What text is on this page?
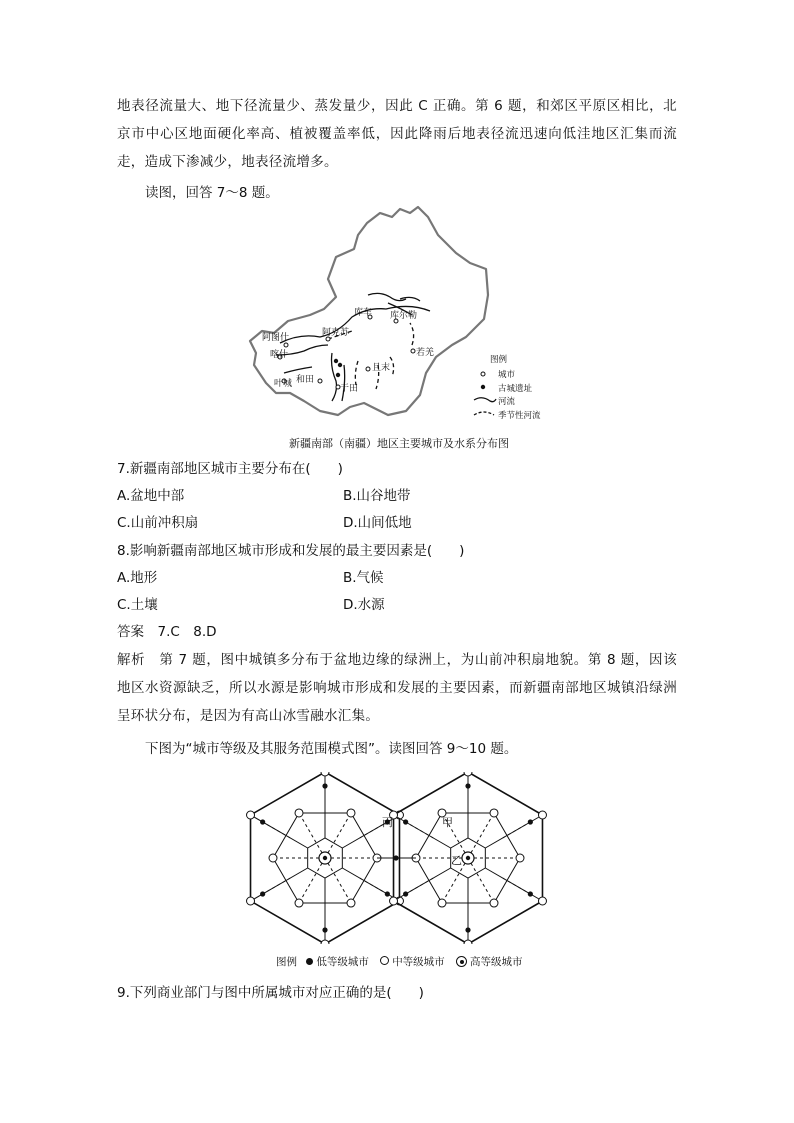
地表径流量大、地下径流量少、蒸发量少，因此 C 正确。第 6 题，和郊区平原区相比，北京市中心区地面硬化率高、植被覆盖率低，因此降雨后地表径流迅速向低洼地区汇集而流走，造成下渗减少，地表径流增多。
读图，回答 7～8 题。
库车 库尔勒
阿图什	阿克苏
喀什	若羌
和田
且末
叶城	于田
图例
城市
古城遗址
河流
季节性河流
新疆南部（南疆）地区主要城市及水系分布图
7.新疆南部地区城市主要分布在(　　)
A.盆地中部	B.山谷地带
C.山前冲积扇	D.山间低地
8.影响新疆南部地区城市形成和发展的最主要因素是(　　)
A.地形	B.气候
C.土壤	D.水源
答案　7.C　8.D
解析　第 7 题，图中城镇多分布于盆地边缘的绿洲上，为山前冲积扇地貌。第 8 题，因该地区水资源缺乏，所以水源是影响城市形成和发展的主要因素，而新疆南部地区城镇沿绿洲呈环状分布，是因为有高山冰雪融水汇集。
下图为“城市等级及其服务范围模式图”。读图回答 9～10 题。
丙	甲
乙
图例 低等级城市 中等级城市 高等级城市
9.下列商业部门与图中所属城市对应正确的是(　　)
